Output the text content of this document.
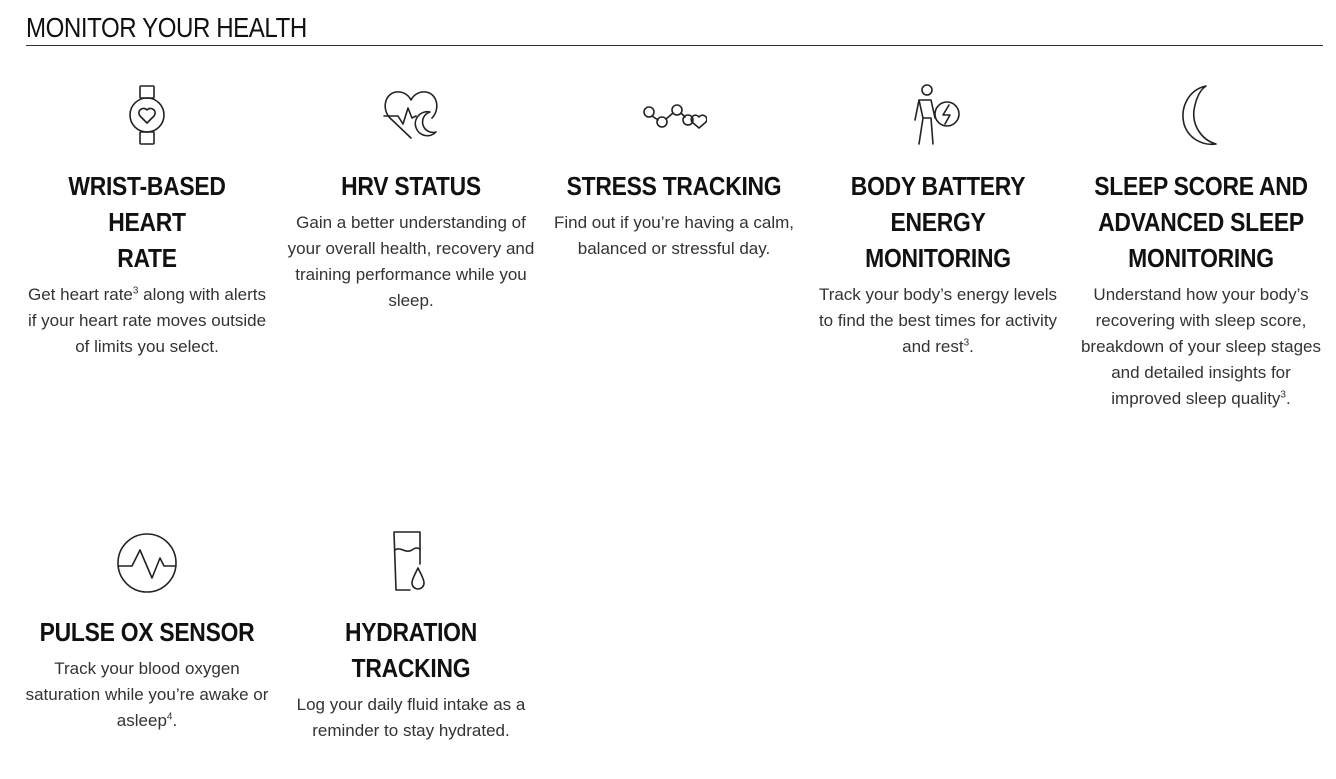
MONITOR YOUR HEALTH
WRIST-BASED HEART
RATE

Get heart rate$^3$ along with alerts if your heart rate moves outside of limits you select.

HRV STATUS

Gain a better understanding of your overall health, recovery and training performance while you sleep.

STRESS TRACKING

Find out if you’re having a calm, balanced or stressful day.

BODY BATTERY ENERGY
MONITORING

Track your body’s energy levels to find the best times for activity and rest$^3$.

SLEEP SCORE AND
ADVANCED SLEEP
MONITORING

Understand how your body’s recovering with sleep score, breakdown of your sleep stages and detailed insights for improved sleep quality$^3$.

PULSE OX SENSOR

Track your blood oxygen saturation while you’re awake or asleep$^4$.

HYDRATION TRACKING

Log your daily fluid intake as a reminder to stay hydrated.
